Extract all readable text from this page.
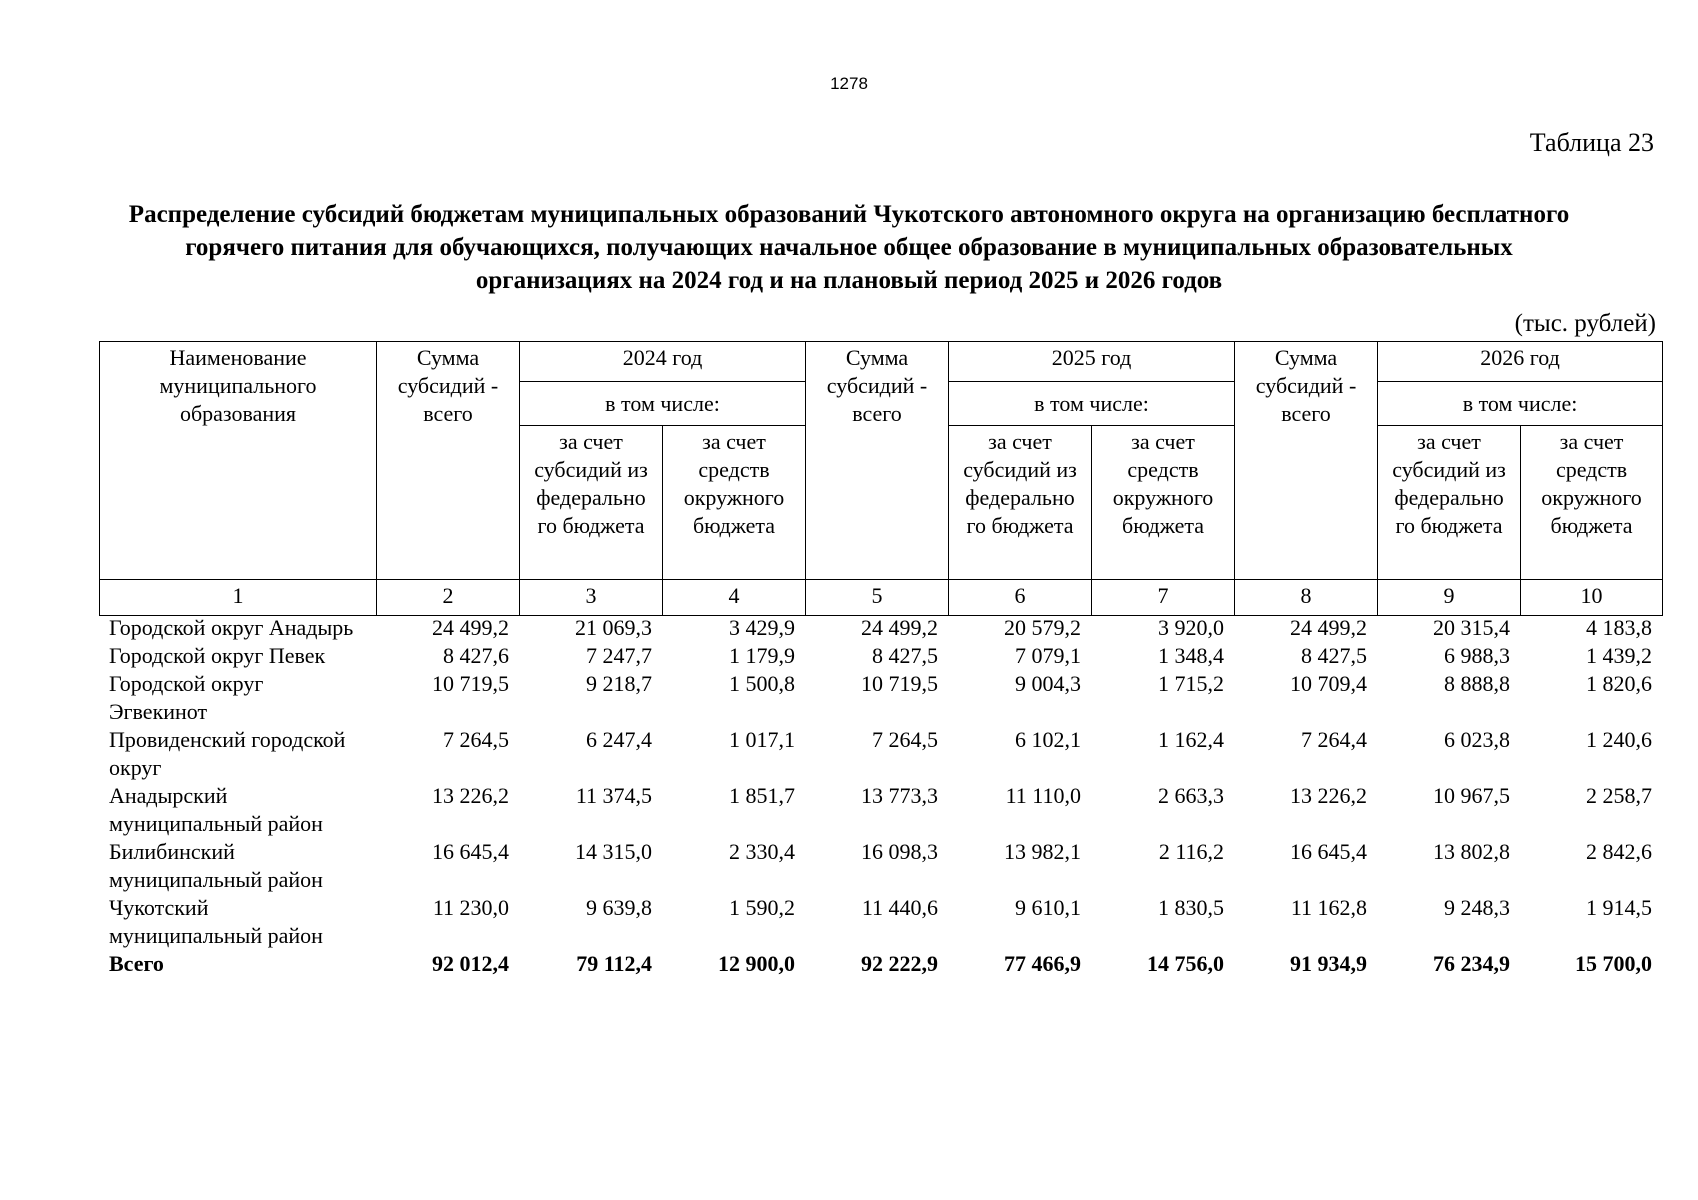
1278
Таблица 23
Распределение субсидий бюджетам муниципальных образований Чукотского автономного округа на организацию бесплатного горячего питания для обучающихся, получающих начальное общее образование в муниципальных образовательных организациях на 2024 год и на плановый период 2025 и 2026 годов
(тыс. рублей)
Наименование муниципального образования	Сумма субсидий - всего	2024 год		Сумма субсидий - всего	2025 год		Сумма субсидий - всего	2026 год	
		в том числе:			в том числе:			в том числе:	
		за счет субсидий из федерально го бюджета	за счет средств окружного бюджета		за счет субсидий из федерально го бюджета	за счет средств окружного бюджета		за счет субсидий из федерально го бюджета	за счет средств окружного бюджета
1	2	3	4	5	6	7	8	9	10
Городской округ Анадырь	24 499,2	21 069,3	3 429,9	24 499,2	20 579,2	3 920,0	24 499,2	20 315,4	4 183,8
Городской округ Певек	8 427,6	7 247,7	1 179,9	8 427,5	7 079,1	1 348,4	8 427,5	6 988,3	1 439,2
Городской округ Эгвекинот	10 719,5	9 218,7	1 500,8	10 719,5	9 004,3	1 715,2	10 709,4	8 888,8	1 820,6
Провиденский городской округ	7 264,5	6 247,4	1 017,1	7 264,5	6 102,1	1 162,4	7 264,4	6 023,8	1 240,6
Анадырский муниципальный район	13 226,2	11 374,5	1 851,7	13 773,3	11 110,0	2 663,3	13 226,2	10 967,5	2 258,7
Билибинский муниципальный район	16 645,4	14 315,0	2 330,4	16 098,3	13 982,1	2 116,2	16 645,4	13 802,8	2 842,6
Чукотский муниципальный район	11 230,0	9 639,8	1 590,2	11 440,6	9 610,1	1 830,5	11 162,8	9 248,3	1 914,5
Всего	92 012,4	79 112,4	12 900,0	92 222,9	77 466,9	14 756,0	91 934,9	76 234,9	15 700,0
